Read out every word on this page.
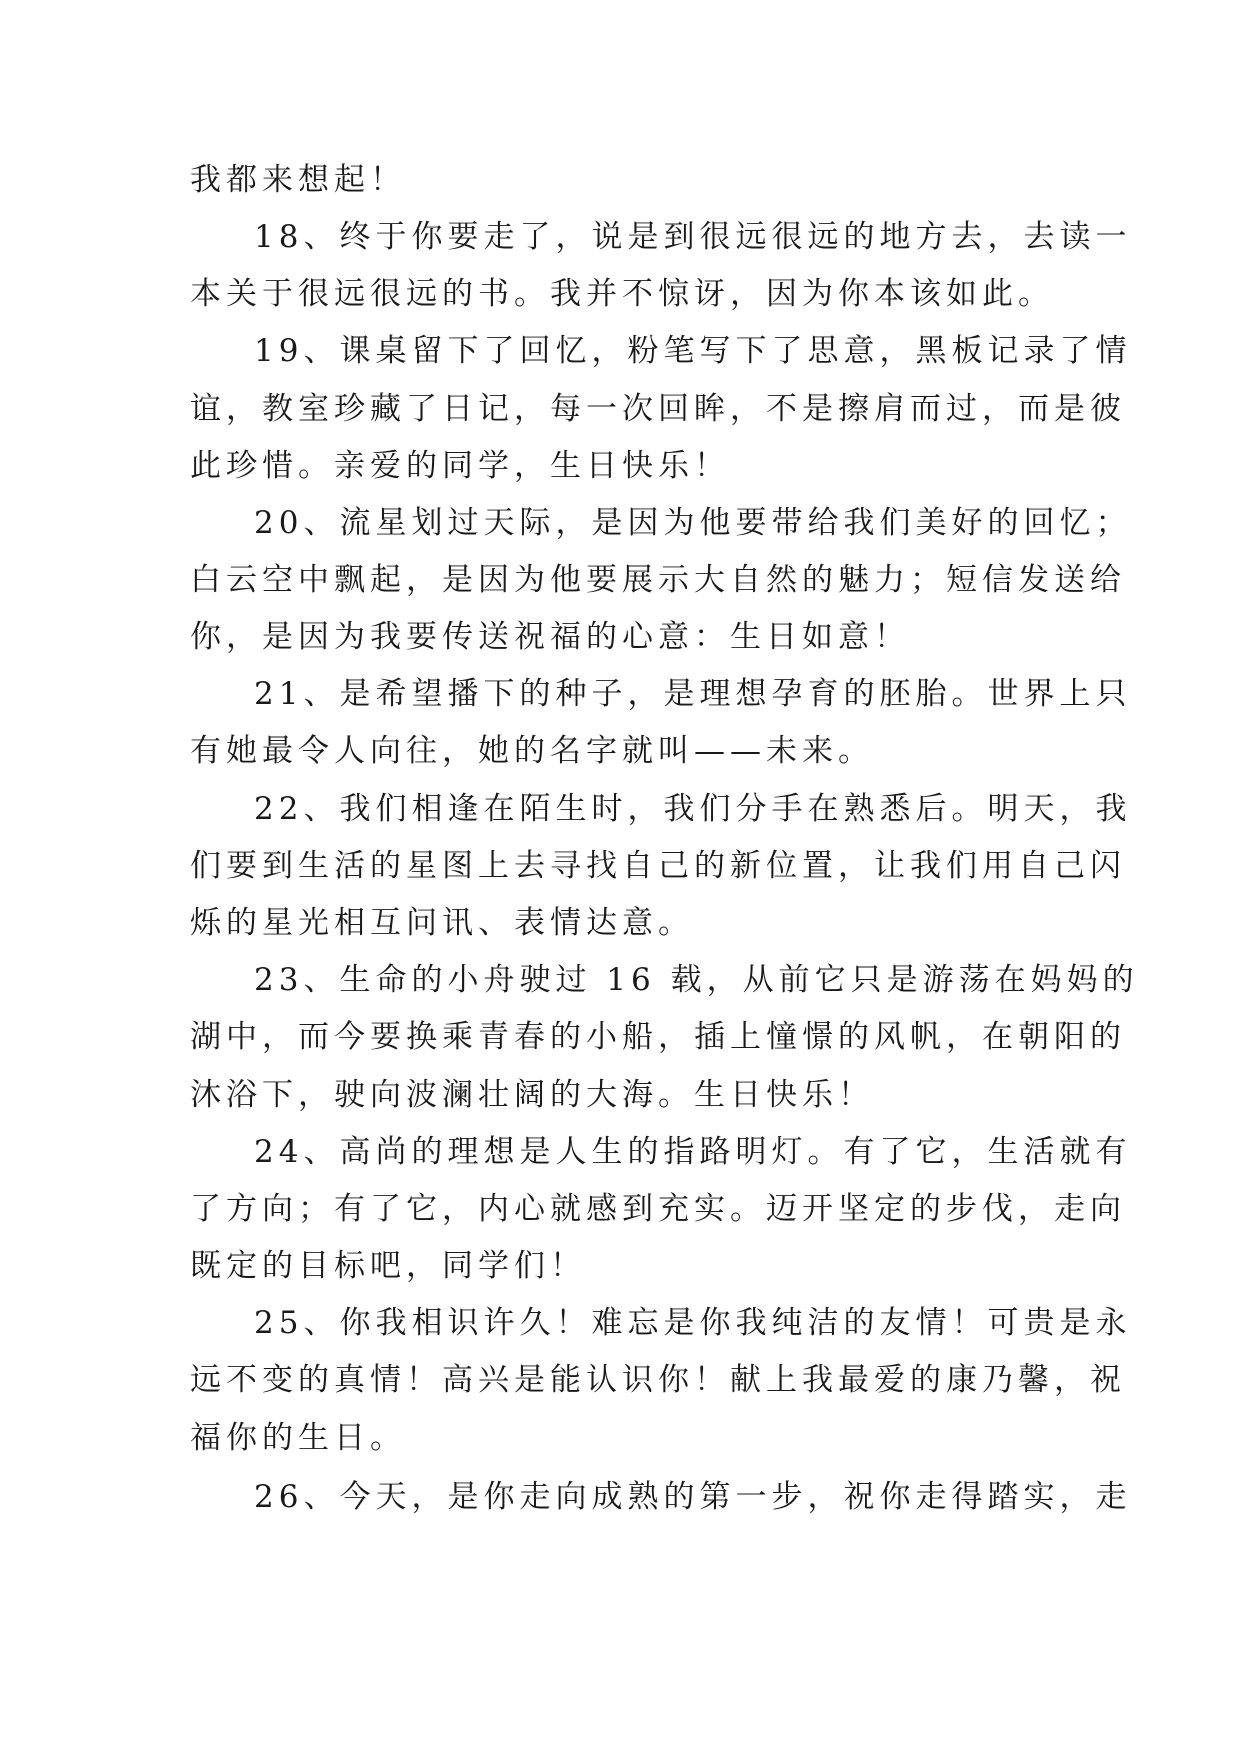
我都来想起！
18、终于你要走了，说是到很远很远的地方去，去读一
本关于很远很远的书。我并不惊讶，因为你本该如此。
19、课桌留下了回忆，粉笔写下了思意，黑板记录了情
谊，教室珍藏了日记，每一次回眸，不是擦肩而过，而是彼
此珍惜。亲爱的同学，生日快乐！
20、流星划过天际，是因为他要带给我们美好的回忆；
白云空中飘起，是因为他要展示大自然的魅力；短信发送给
你，是因为我要传送祝福的心意：生日如意！
21、是希望播下的种子，是理想孕育的胚胎。世界上只
有她最令人向往，她的名字就叫——未来。
22、我们相逢在陌生时，我们分手在熟悉后。明天，我
们要到生活的星图上去寻找自己的新位置，让我们用自己闪
烁的星光相互问讯、表情达意。
23、生命的小舟驶过 16 载，从前它只是游荡在妈妈的
湖中，而今要换乘青春的小船，插上憧憬的风帆，在朝阳的
沐浴下，驶向波澜壮阔的大海。生日快乐！
24、高尚的理想是人生的指路明灯。有了它，生活就有
了方向；有了它，内心就感到充实。迈开坚定的步伐，走向
既定的目标吧，同学们！
25、你我相识许久！难忘是你我纯洁的友情！可贵是永
远不变的真情！高兴是能认识你！献上我最爱的康乃馨，祝
福你的生日。
26、今天，是你走向成熟的第一步，祝你走得踏实，走
